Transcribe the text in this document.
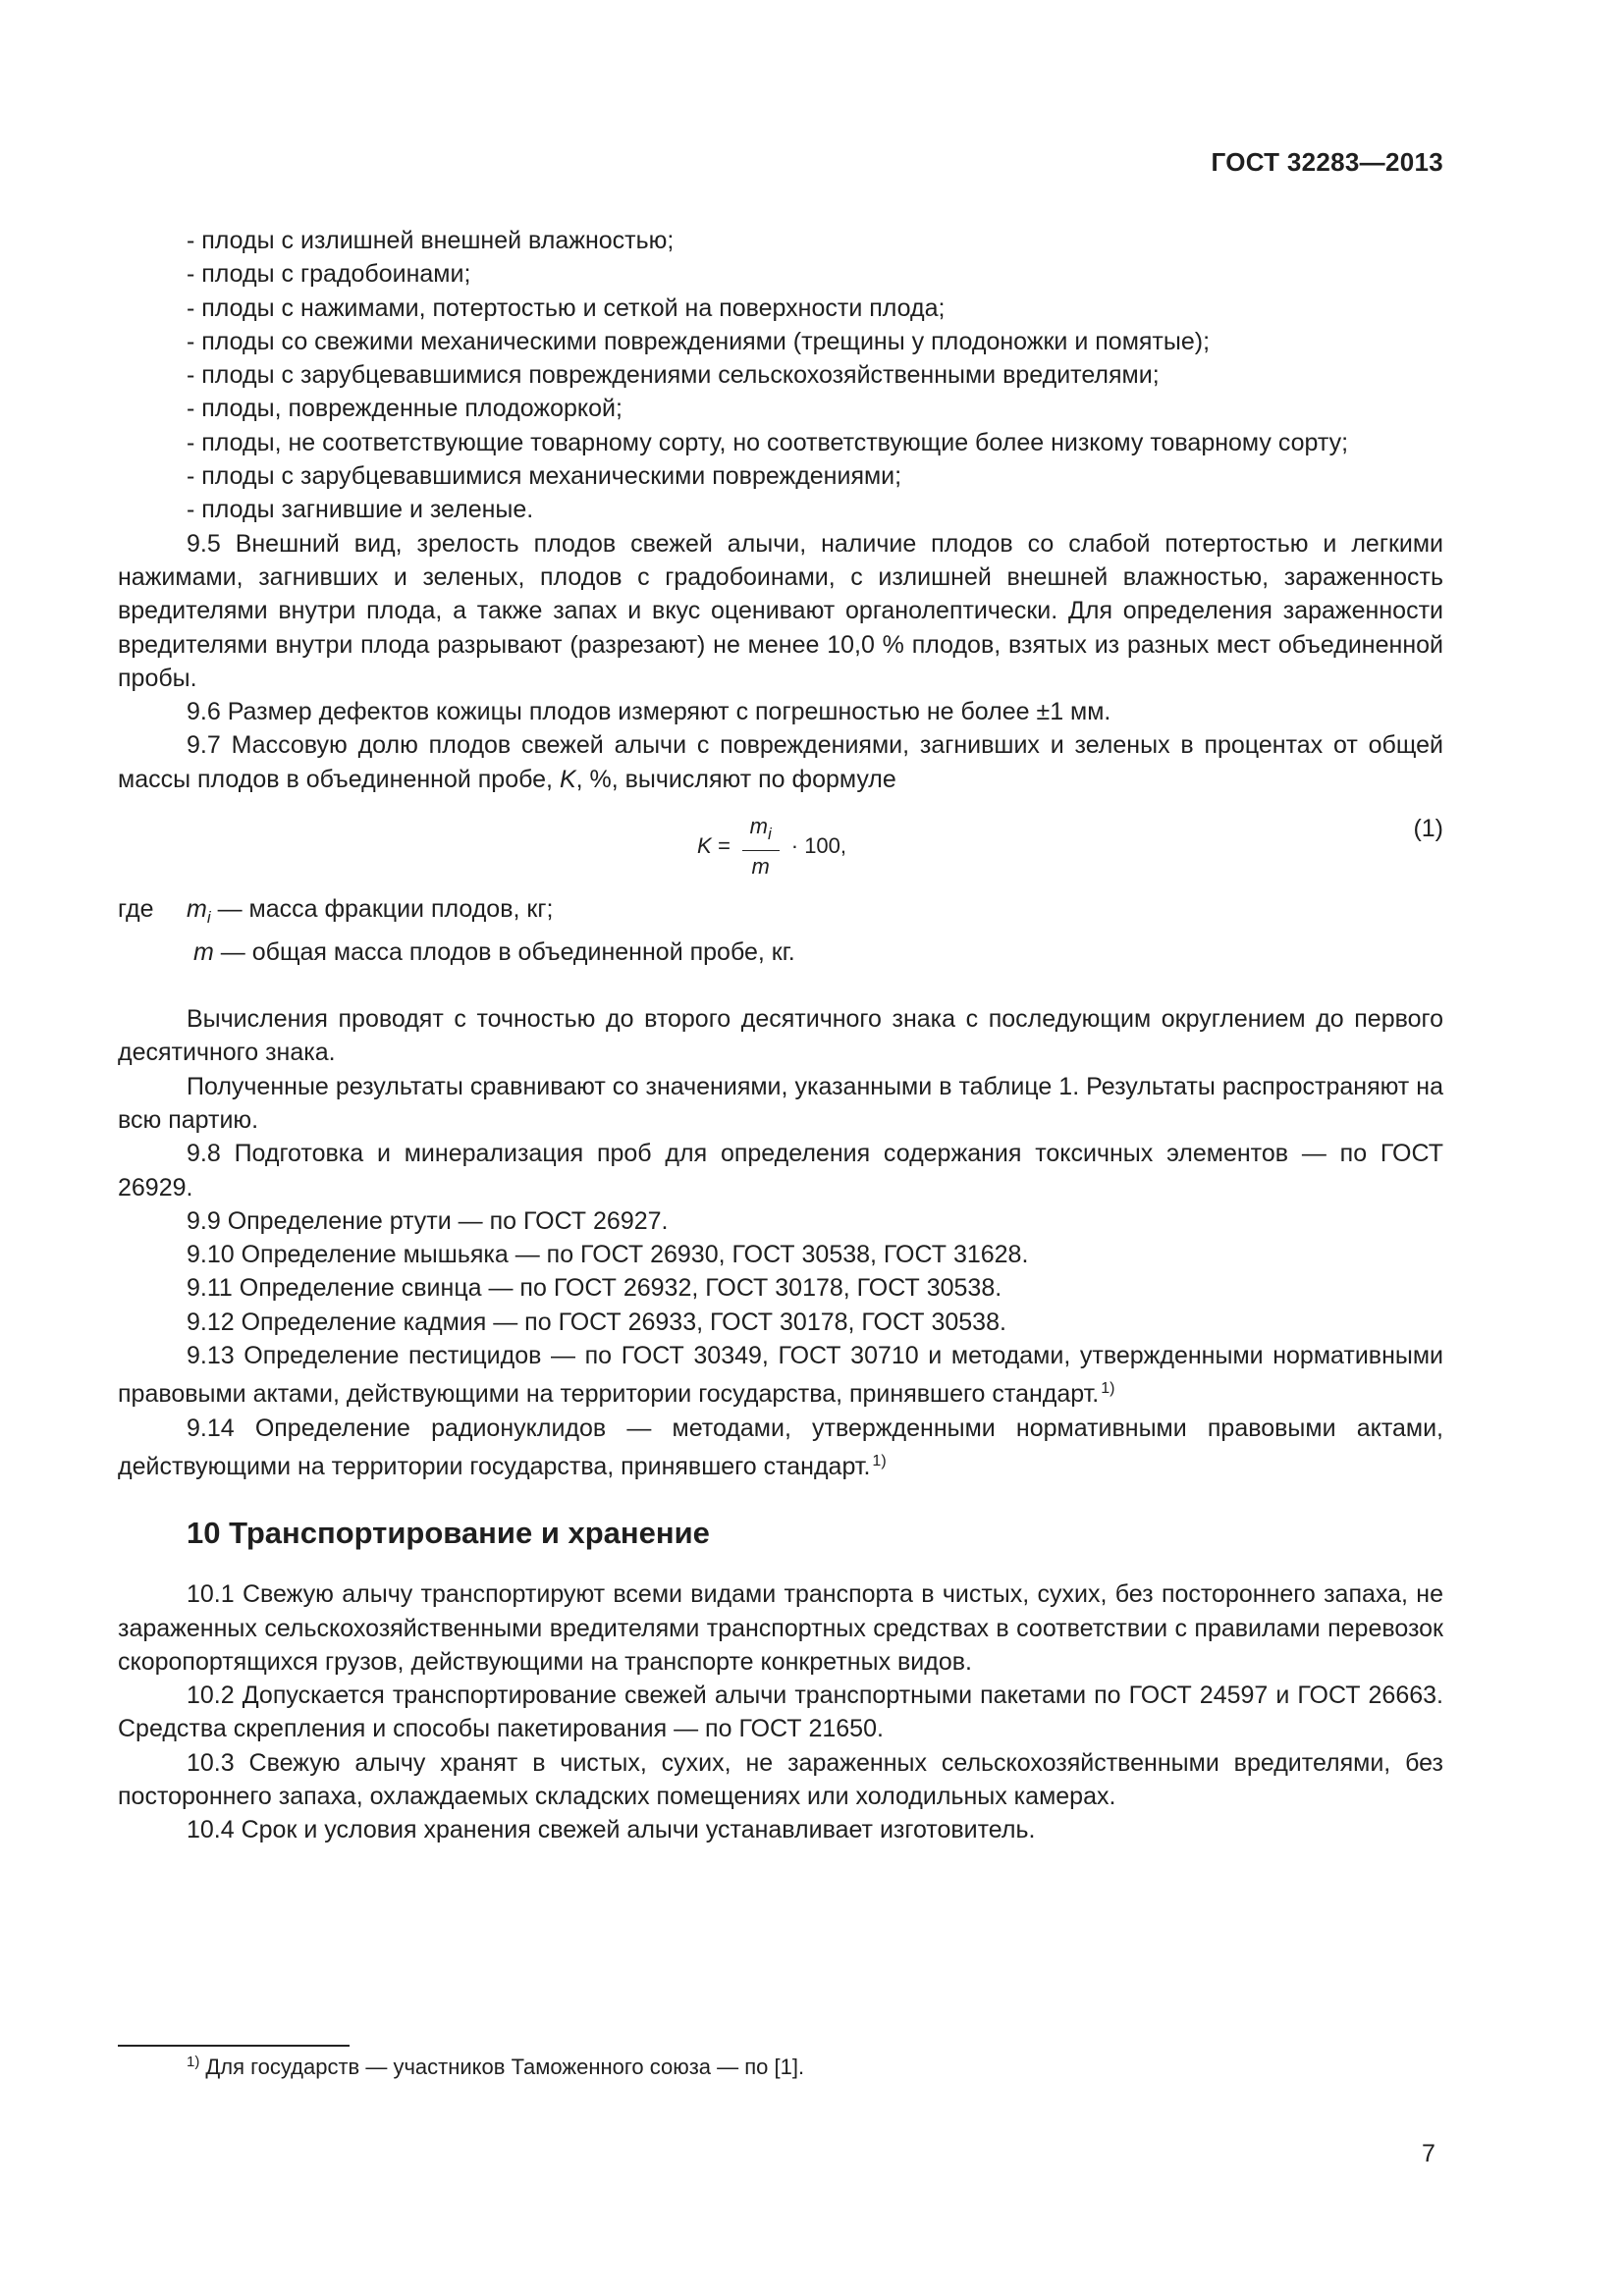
ГОСТ 32283—2013
- плоды с излишней внешней влажностью;
- плоды с градобоинами;
- плоды с нажимами, потертостью и сеткой на поверхности плода;
- плоды со свежими механическими повреждениями (трещины у плодоножки и помятые);
- плоды с зарубцевавшимися повреждениями сельскохозяйственными вредителями;
- плоды, поврежденные плодожоркой;
- плоды, не соответствующие товарному сорту, но соответствующие более низкому товарному сорту;
- плоды с зарубцевавшимися механическими повреждениями;
- плоды загнившие и зеленые.
9.5 Внешний вид, зрелость плодов свежей алычи, наличие плодов со слабой потертостью и легкими нажимами, загнивших и зеленых, плодов с градобоинами, с излишней внешней влажностью, зараженность вредителями внутри плода, а также запах и вкус оценивают органолептически. Для определения зараженности вредителями внутри плода разрывают (разрезают) не менее 10,0 % плодов, взятых из разных мест объединенной пробы.
9.6 Размер дефектов кожицы плодов измеряют с погрешностью не более ±1 мм.
9.7 Массовую долю плодов свежей алычи с повреждениями, загнивших и зеленых в процентах от общей массы плодов в объединенной пробе, K, %, вычисляют по формуле
$K = \frac{m_i}{m} \cdot 100$,
(1)
где $m_i$ — масса фракции плодов, кг;
m — общая масса плодов в объединенной пробе, кг.
Вычисления проводят с точностью до второго десятичного знака с последующим округлением до первого десятичного знака.
Полученные результаты сравнивают со значениями, указанными в таблице 1. Результаты распространяют на всю партию.
9.8 Подготовка и минерализация проб для определения содержания токсичных элементов — по ГОСТ 26929.
9.9 Определение ртути — по ГОСТ 26927.
9.10 Определение мышьяка — по ГОСТ 26930, ГОСТ 30538, ГОСТ 31628.
9.11 Определение свинца — по ГОСТ 26932, ГОСТ 30178, ГОСТ 30538.
9.12 Определение кадмия — по ГОСТ 26933, ГОСТ 30178, ГОСТ 30538.
9.13 Определение пестицидов — по ГОСТ 30349, ГОСТ 30710 и методами, утвержденными нормативными правовыми актами, действующими на территории государства, принявшего стандарт. $^{1)}$
9.14 Определение радионуклидов — методами, утвержденными нормативными правовыми актами, действующими на территории государства, принявшего стандарт. $^{1)}$
10 Транспортирование и хранение
10.1 Свежую алычу транспортируют всеми видами транспорта в чистых, сухих, без постороннего запаха, не зараженных сельскохозяйственными вредителями транспортных средствах в соответствии с правилами перевозок скоропортящихся грузов, действующими на транспорте конкретных видов.
10.2 Допускается транспортирование свежей алычи транспортными пакетами по ГОСТ 24597 и ГОСТ 26663. Средства скрепления и способы пакетирования — по ГОСТ 21650.
10.3 Свежую алычу хранят в чистых, сухих, не зараженных сельскохозяйственными вредителями, без постороннего запаха, охлаждаемых складских помещениях или холодильных камерах.
10.4 Срок и условия хранения свежей алычи устанавливает изготовитель.
$^{1)}$ Для государств — участников Таможенного союза — по [1].
7
